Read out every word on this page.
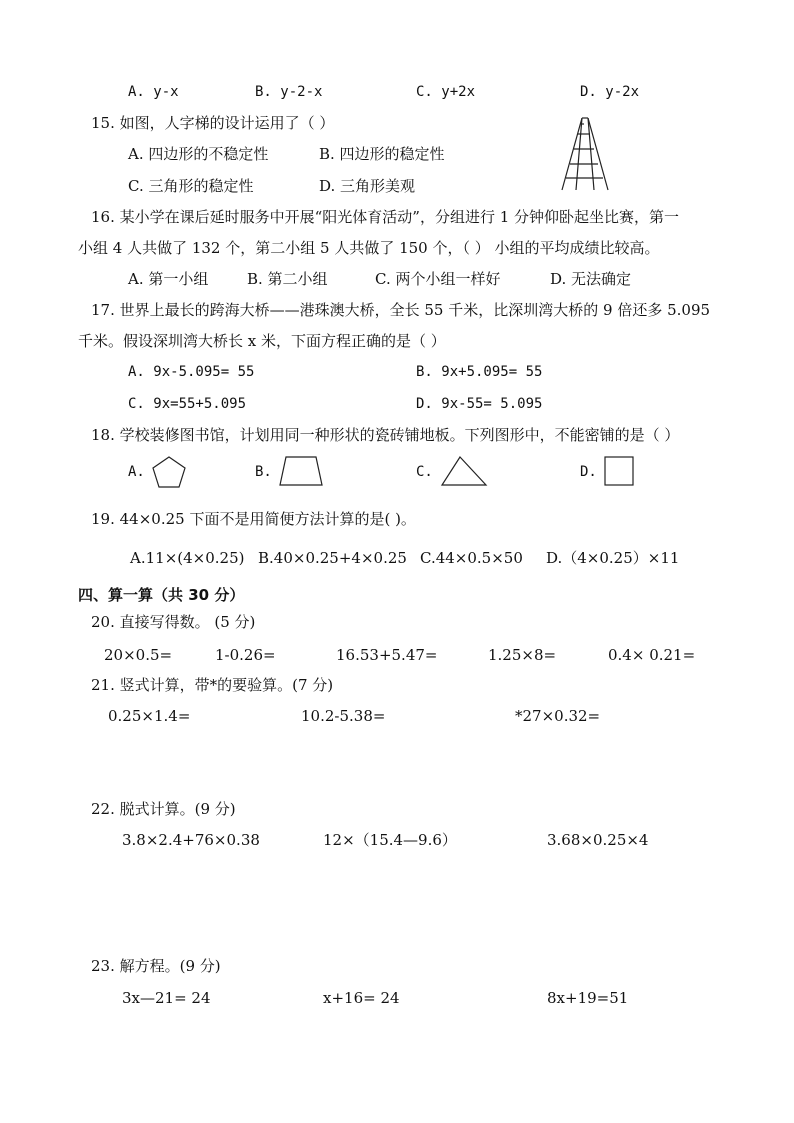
A. y-x	B. y-2-x	C. y+2x	D. y-2x
15. 如图，人字梯的设计运用了（ ）
A. 四边形的不稳定性	B. 四边形的稳定性
C. 三角形的稳定性	D. 三角形美观
16. 某小学在课后延时服务中开展“阳光体育活动”，分组进行 1 分钟仰卧起坐比赛，第一
小组 4 人共做了 132 个，第二小组 5 人共做了 150 个，（ ） 小组的平均成绩比较高。
A. 第一小组	B. 第二小组	C. 两个小组一样好	D. 无法确定
17. 世界上最长的跨海大桥——港珠澳大桥，全长 55 千米，比深圳湾大桥的 9 倍还多 5.095
千米。假设深圳湾大桥长 x 米，下面方程正确的是（ ）
A. 9x-5.095= 55	B. 9x+5.095= 55
C. 9x=55+5.095	D. 9x-55= 5.095
18. 学校装修图书馆，计划用同一种形状的瓷砖铺地板。下列图形中，不能密铺的是（ ）
A.	B.	C.	D.
19. 44×0.25 下面不是用简便方法计算的是( )。
A.11×(4×0.25) B.40×0.25+4×0.25 C.44×0.5×50 D.（4×0.25）×11
四、算一算（共 30 分）
20. 直接写得数。 (5 分)
20×0.5=	1-0.26=	16.53+5.47=	1.25×8=	0.4× 0.21=
21. 竖式计算，带*的要验算。(7 分)
0.25×1.4=	10.2-5.38=	*27×0.32=
22. 脱式计算。(9 分)
3.8×2.4+76×0.38	12×（15.4—9.6）	3.68×0.25×4
23. 解方程。(9 分)
3x—21= 24	x+16= 24	8x+19=51
